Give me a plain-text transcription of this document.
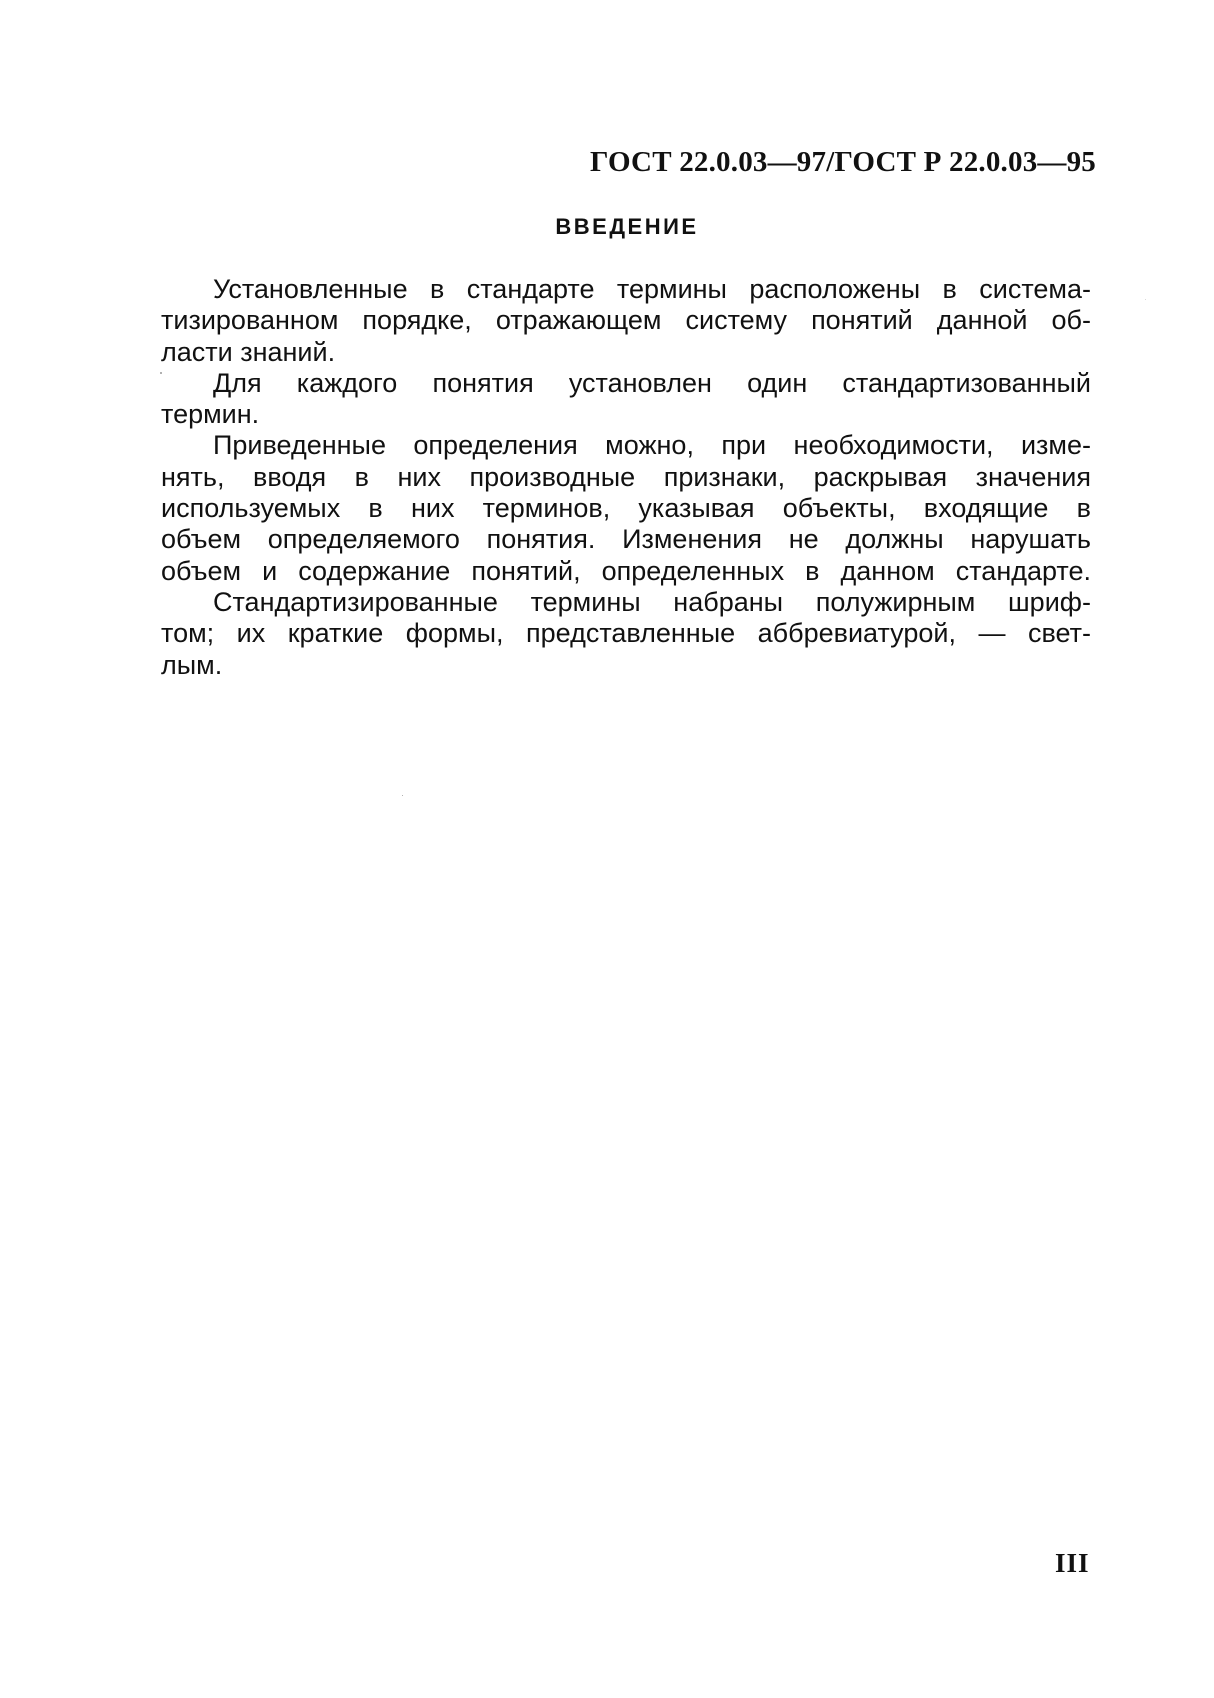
ГОСТ 22.0.03—97/ГОСТ Р 22.0.03—95
ВВЕДЕНИЕ
Установленные в стандарте термины расположены в система-
тизированном порядке, отражающем систему понятий данной об-
ласти знаний.
Для каждого понятия установлен один стандартизованный
термин.
Приведенные определения можно, при необходимости, изме-
нять, вводя в них производные признаки, раскрывая значения
используемых в них терминов, указывая объекты, входящие в
объем определяемого понятия. Изменения не должны нарушать
объем и содержание понятий, определенных в данном стандарте.
Стандартизированные термины набраны полужирным шриф-
том; их краткие формы, представленные аббревиатурой, — свет-
лым.
III
